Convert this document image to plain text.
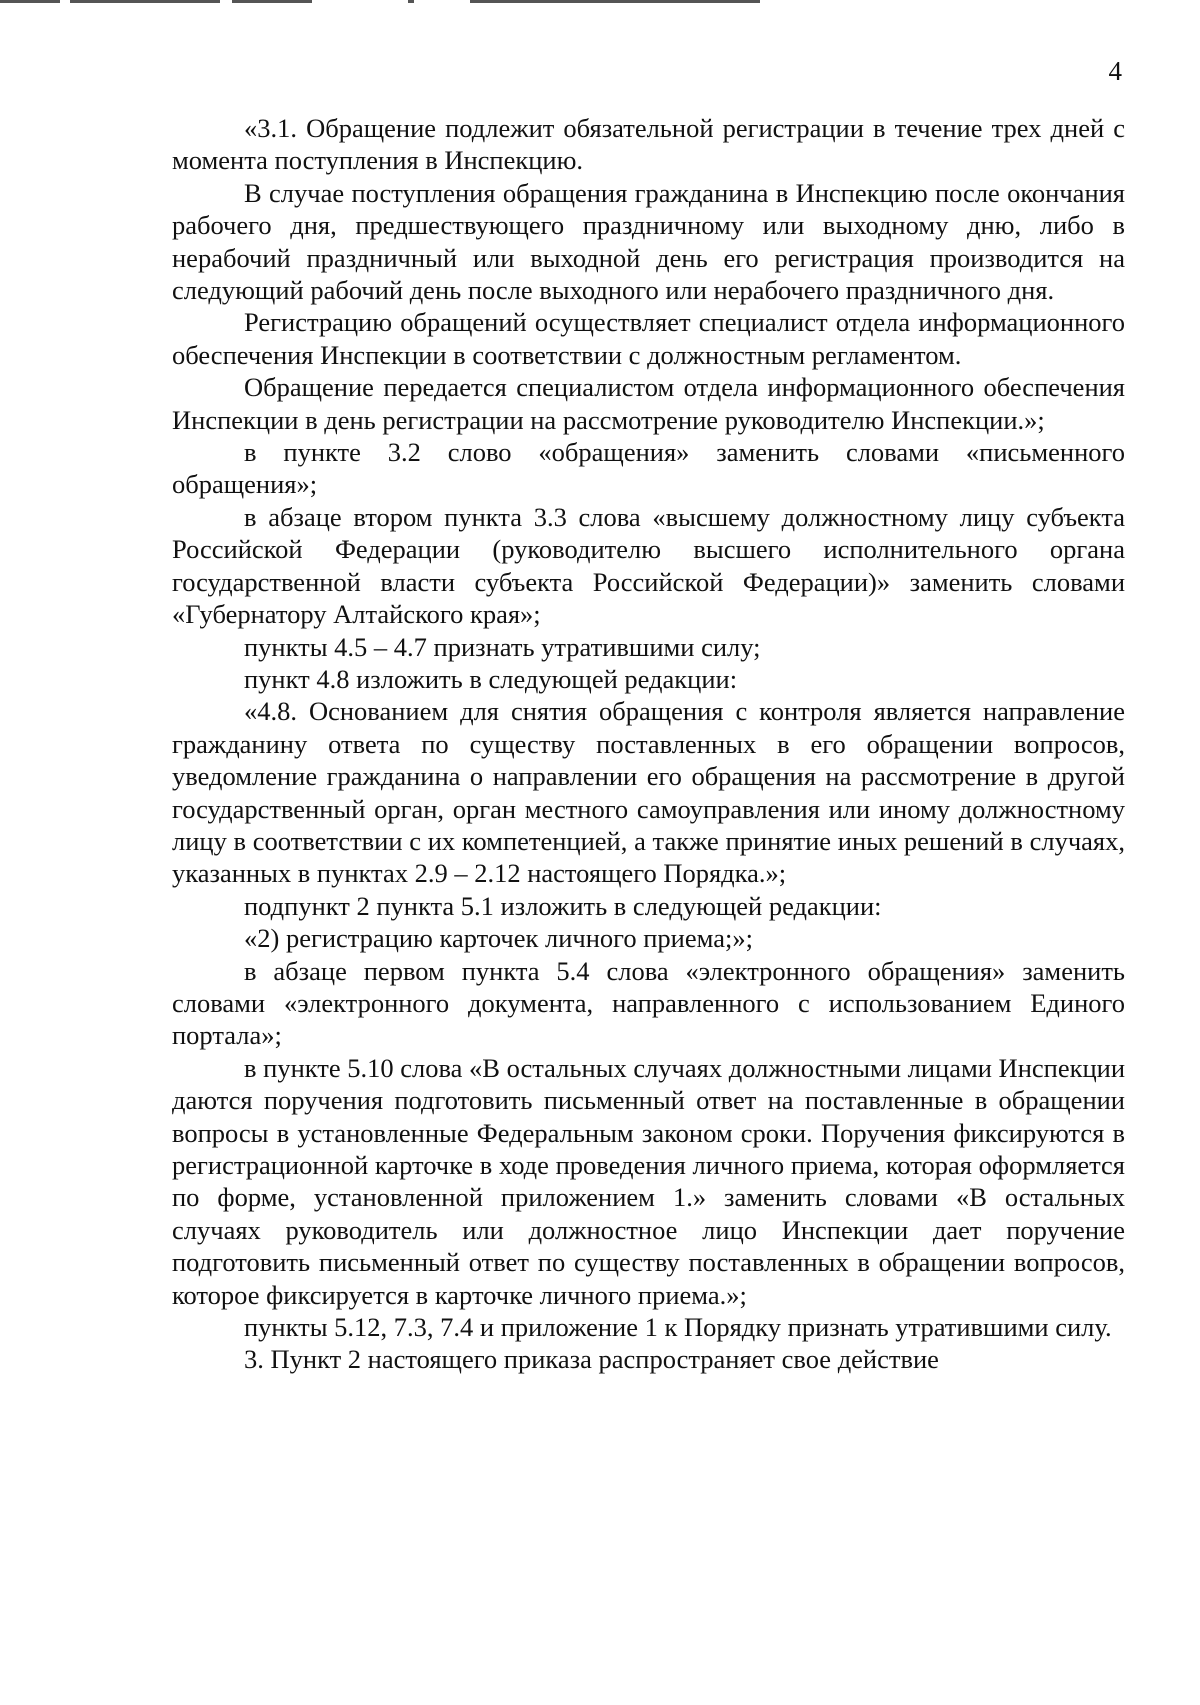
4

«3.1. Обращение подлежит обязательной регистрации в течение трех дней с момента поступления в Инспекцию.

В случае поступления обращения гражданина в Инспекцию после окончания рабочего дня, предшествующего праздничному или выходному дню, либо в нерабочий праздничный или выходной день его регистрация производится на следующий рабочий день после выходного или нерабочего праздничного дня.

Регистрацию обращений осуществляет специалист отдела информационного обеспечения Инспекции в соответствии с должностным регламентом.

Обращение передается специалистом отдела информационного обеспечения Инспекции в день регистрации на рассмотрение руководителю Инспекции.»;

в пункте 3.2 слово «обращения» заменить словами «письменного обращения»;

в абзаце втором пункта 3.3 слова «высшему должностному лицу субъекта Российской Федерации (руководителю высшего исполнительного органа государственной власти субъекта Российской Федерации)» заменить словами «Губернатору Алтайского края»;

пункты 4.5 – 4.7 признать утратившими силу;

пункт 4.8 изложить в следующей редакции:

«4.8. Основанием для снятия обращения с контроля является направление гражданину ответа по существу поставленных в его обращении вопросов, уведомление гражданина о направлении его обращения на рассмотрение в другой государственный орган, орган местного самоуправления или иному должностному лицу в соответствии с их компетенцией, а также принятие иных решений в случаях, указанных в пунктах 2.9 – 2.12 настоящего Порядка.»;

подпункт 2 пункта 5.1 изложить в следующей редакции:

«2) регистрацию карточек личного приема;»;

в абзаце первом пункта 5.4 слова «электронного обращения» заменить словами «электронного документа, направленного с использованием Единого портала»;

в пункте 5.10 слова «В остальных случаях должностными лицами Инспекции даются поручения подготовить письменный ответ на поставленные в обращении вопросы в установленные Федеральным законом сроки. Поручения фиксируются в регистрационной карточке в ходе проведения личного приема, которая оформляется по форме, установленной приложением 1.» заменить словами «В остальных случаях руководитель или должностное лицо Инспекции дает поручение подготовить письменный ответ по существу поставленных в обращении вопросов, которое фиксируется в карточке личного приема.»;

пункты 5.12, 7.3, 7.4 и приложение 1 к Порядку признать утратившими силу.

3. Пункт 2 настоящего приказа распространяет свое действие
